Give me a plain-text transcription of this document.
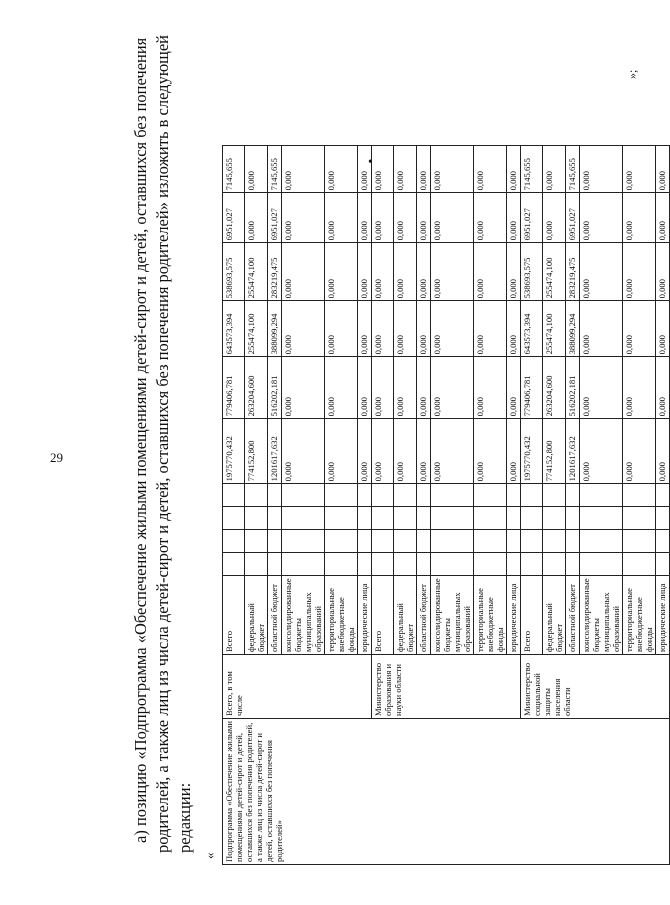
29
•
а) позицию «Подпрограмма «Обеспечение жилыми помещениями детей-сирот и детей, оставшихся без попечения родителей, а также лиц из числа детей-сирот и детей, оставшихся без попечения родителей» изложить в следующей редакции:
« Подпрограмма «Обеспечение жилыми помещениями детей-сирот и детей, оставшихся без попечения родителей, а также лиц из числа детей-сирот и детей, оставшихся без попечения родителей»	Всего, в том числе	Всего					1975770,432	779406,781	643573,394	538693,575	6951,027	7145,655
		федеральный бюджет					774152,800	263204,600	255474,100	255474,100	0,000	0,000
		областной бюджет					1201617,632	516202,181	388099,294	283219,475	6951,027	7145,655
		консолидированные бюджеты муниципальных образований					0,000	0,000	0,000	0,000	0,000	0,000
		территориальные внебюджетные фонды					0,000	0,000	0,000	0,000	0,000	0,000
		юридические лица					0,000	0,000	0,000	0,000	0,000	0,000
	Министерство образования и науки области	Всего					0,000	0,000	0,000	0,000	0,000	0,000
		федеральный бюджет					0,000	0,000	0,000	0,000	0,000	0,000
		областной бюджет					0,000	0,000	0,000	0,000	0,000	0,000
		консолидированные бюджеты муниципальных образований					0,000	0,000	0,000	0,000	0,000	0,000
		территориальные внебюджетные фонды					0,000	0,000	0,000	0,000	0,000	0,000
		юридические лица					0,000	0,000	0,000	0,000	0,000	0,000
	Министерство социальной защиты населения области	Всего					1975770,432	779406,781	643573,394	538693,575	6951,027	7145,655
		федеральный бюджет					774152,800	263204,600	255474,100	255474,100	0,000	0,000
		областной бюджет					1201617,632	516202,181	388099,294	283219,475	6951,027	7145,655
		консолидированные бюджеты муниципальных образований					0,000	0,000	0,000	0,000	0,000	0,000
		территориальные внебюджетные фонды					0,000	0,000	0,000	0,000	0,000	0,000
		юридические лица					0,000	0,000	0,000	0,000	0,000	0,000
»;
